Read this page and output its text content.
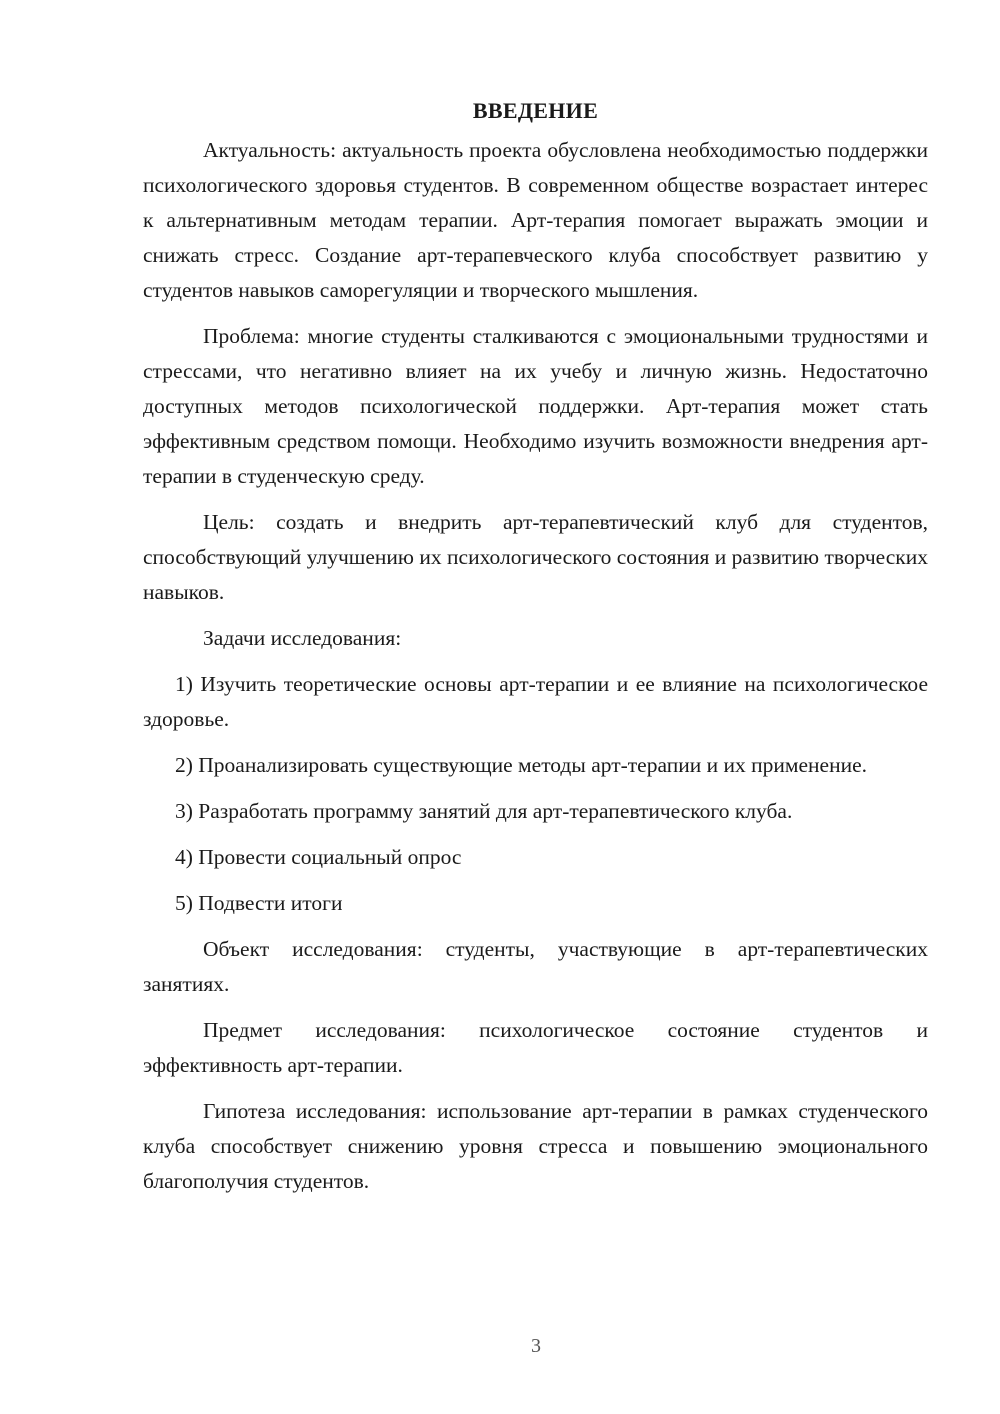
ВВЕДЕНИЕ

Актуальность: актуальность проекта обусловлена необходимостью поддержки психологического здоровья студентов. В современном обществе возрастает интерес к альтернативным методам терапии. Арт-терапия помогает выражать эмоции и снижать стресс. Создание арт-терапевческого клуба способствует развитию у студентов навыков саморегуляции и творческого мышления.

Проблема: многие студенты сталкиваются с эмоциональными трудностями и стрессами, что негативно влияет на их учебу и личную жизнь. Недостаточно доступных методов психологической поддержки. Арт-терапия может стать эффективным средством помощи. Необходимо изучить возможности внедрения арт-терапии в студенческую среду.

Цель: создать и внедрить арт-терапевтический клуб для студентов, способствующий улучшению их психологического состояния и развитию творческих навыков.

Задачи исследования:

1) Изучить теоретические основы арт-терапии и ее влияние на психологическое здоровье.

2) Проанализировать существующие методы арт-терапии и их применение.

3) Разработать программу занятий для арт-терапевтического клуба.

4) Провести социальный опрос

5) Подвести итоги

Объект исследования: студенты, участвующие в арт-терапевтических занятиях.

Предмет исследования: психологическое состояние студентов и эффективность арт-терапии.

Гипотеза исследования: использование арт-терапии в рамках студенческого клуба способствует снижению уровня стресса и повышению эмоционального благополучия студентов.

3
